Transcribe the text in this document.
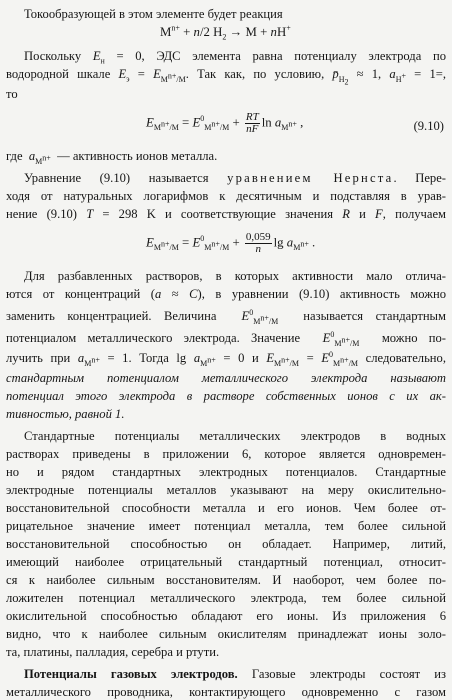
Токообразующей в этом элементе будет реакция
$M^{n+} + n/2$ $H_2 \to M + nH^+$
Поскольку $E_н = 0$, ЭДС элемента равна потенциалу электрода по
водородной шкале $E_э = E_{M^{n+}/M}$. Так как, по условию, $p̄_{H_2} \approx 1$, $a_{H^+} = 1=$,
то
$E_{M^{n+}/M} = E^0_{M^{n+}/M} + \frac{RT}{nF}$ $\ln a_{M^{n+}}$ ,	(9.10)
где  $a_{M^{n+}}$  — активность ионов металла.
Уравнение (9.10) называется уравнением Нернста. Пере-
ходя от натуральных логарифмов к десятичным и подставляя в урав-
нение (9.10) T = 298 K и соответствующие значения R и F, получаем
$E_{M^{n+}/M} = E^0_{M^{n+}/M} + \frac{0,059}{n}$ $\lg a_{M^{n+}}$ .
Для разбавленных растворов, в которых активности мало отлича-
ются от концентраций (a ≈ C), в уравнении (9.10) активность можно
заменить концентрацией. Величина  $E^0_{M^{n+}/M}$  называется стандартным
потенциалом металлического электрода. Значение  $E^0_{M^{n+}/M}$  можно по-
лучить при $a_{M^{n+}} = 1$. Тогда $\lg a_{M^{n+}} = 0$ и $E_{M^{n+}/M} = E^0_{M^{n+}/M}$ следовательно,
стандартным потенциалом металлического электрода называют
потенциал этого электрода в растворе собственных ионов с их ак-
тивностью, равной 1.
Стандартные потенциалы металлических электродов в водных
растворах приведены в приложении 6, которое является одновремен-
но и рядом стандартных электродных потенциалов. Стандартные
электродные потенциалы металлов указывают на меру окислительно-
восстановительной способности металла и его ионов. Чем более от-
рицательное значение имеет потенциал металла, тем более сильной
восстановительной способностью он обладает. Например, литий,
имеющий наиболее отрицательный стандартный потенциал, относит-
ся к наиболее сильным восстановителям. И наоборот, чем более по-
ложителен потенциал металлического электрода, тем более сильной
окислительной способностью обладают его ионы. Из приложения 6
видно, что к наиболее сильным окислителям принадлежат ионы золо-
та, платины, палладия, серебра и ртути.
Потенциалы газовых электродов. Газовые электроды состоят из
металлического проводника, контактирующего одновременно с газом
